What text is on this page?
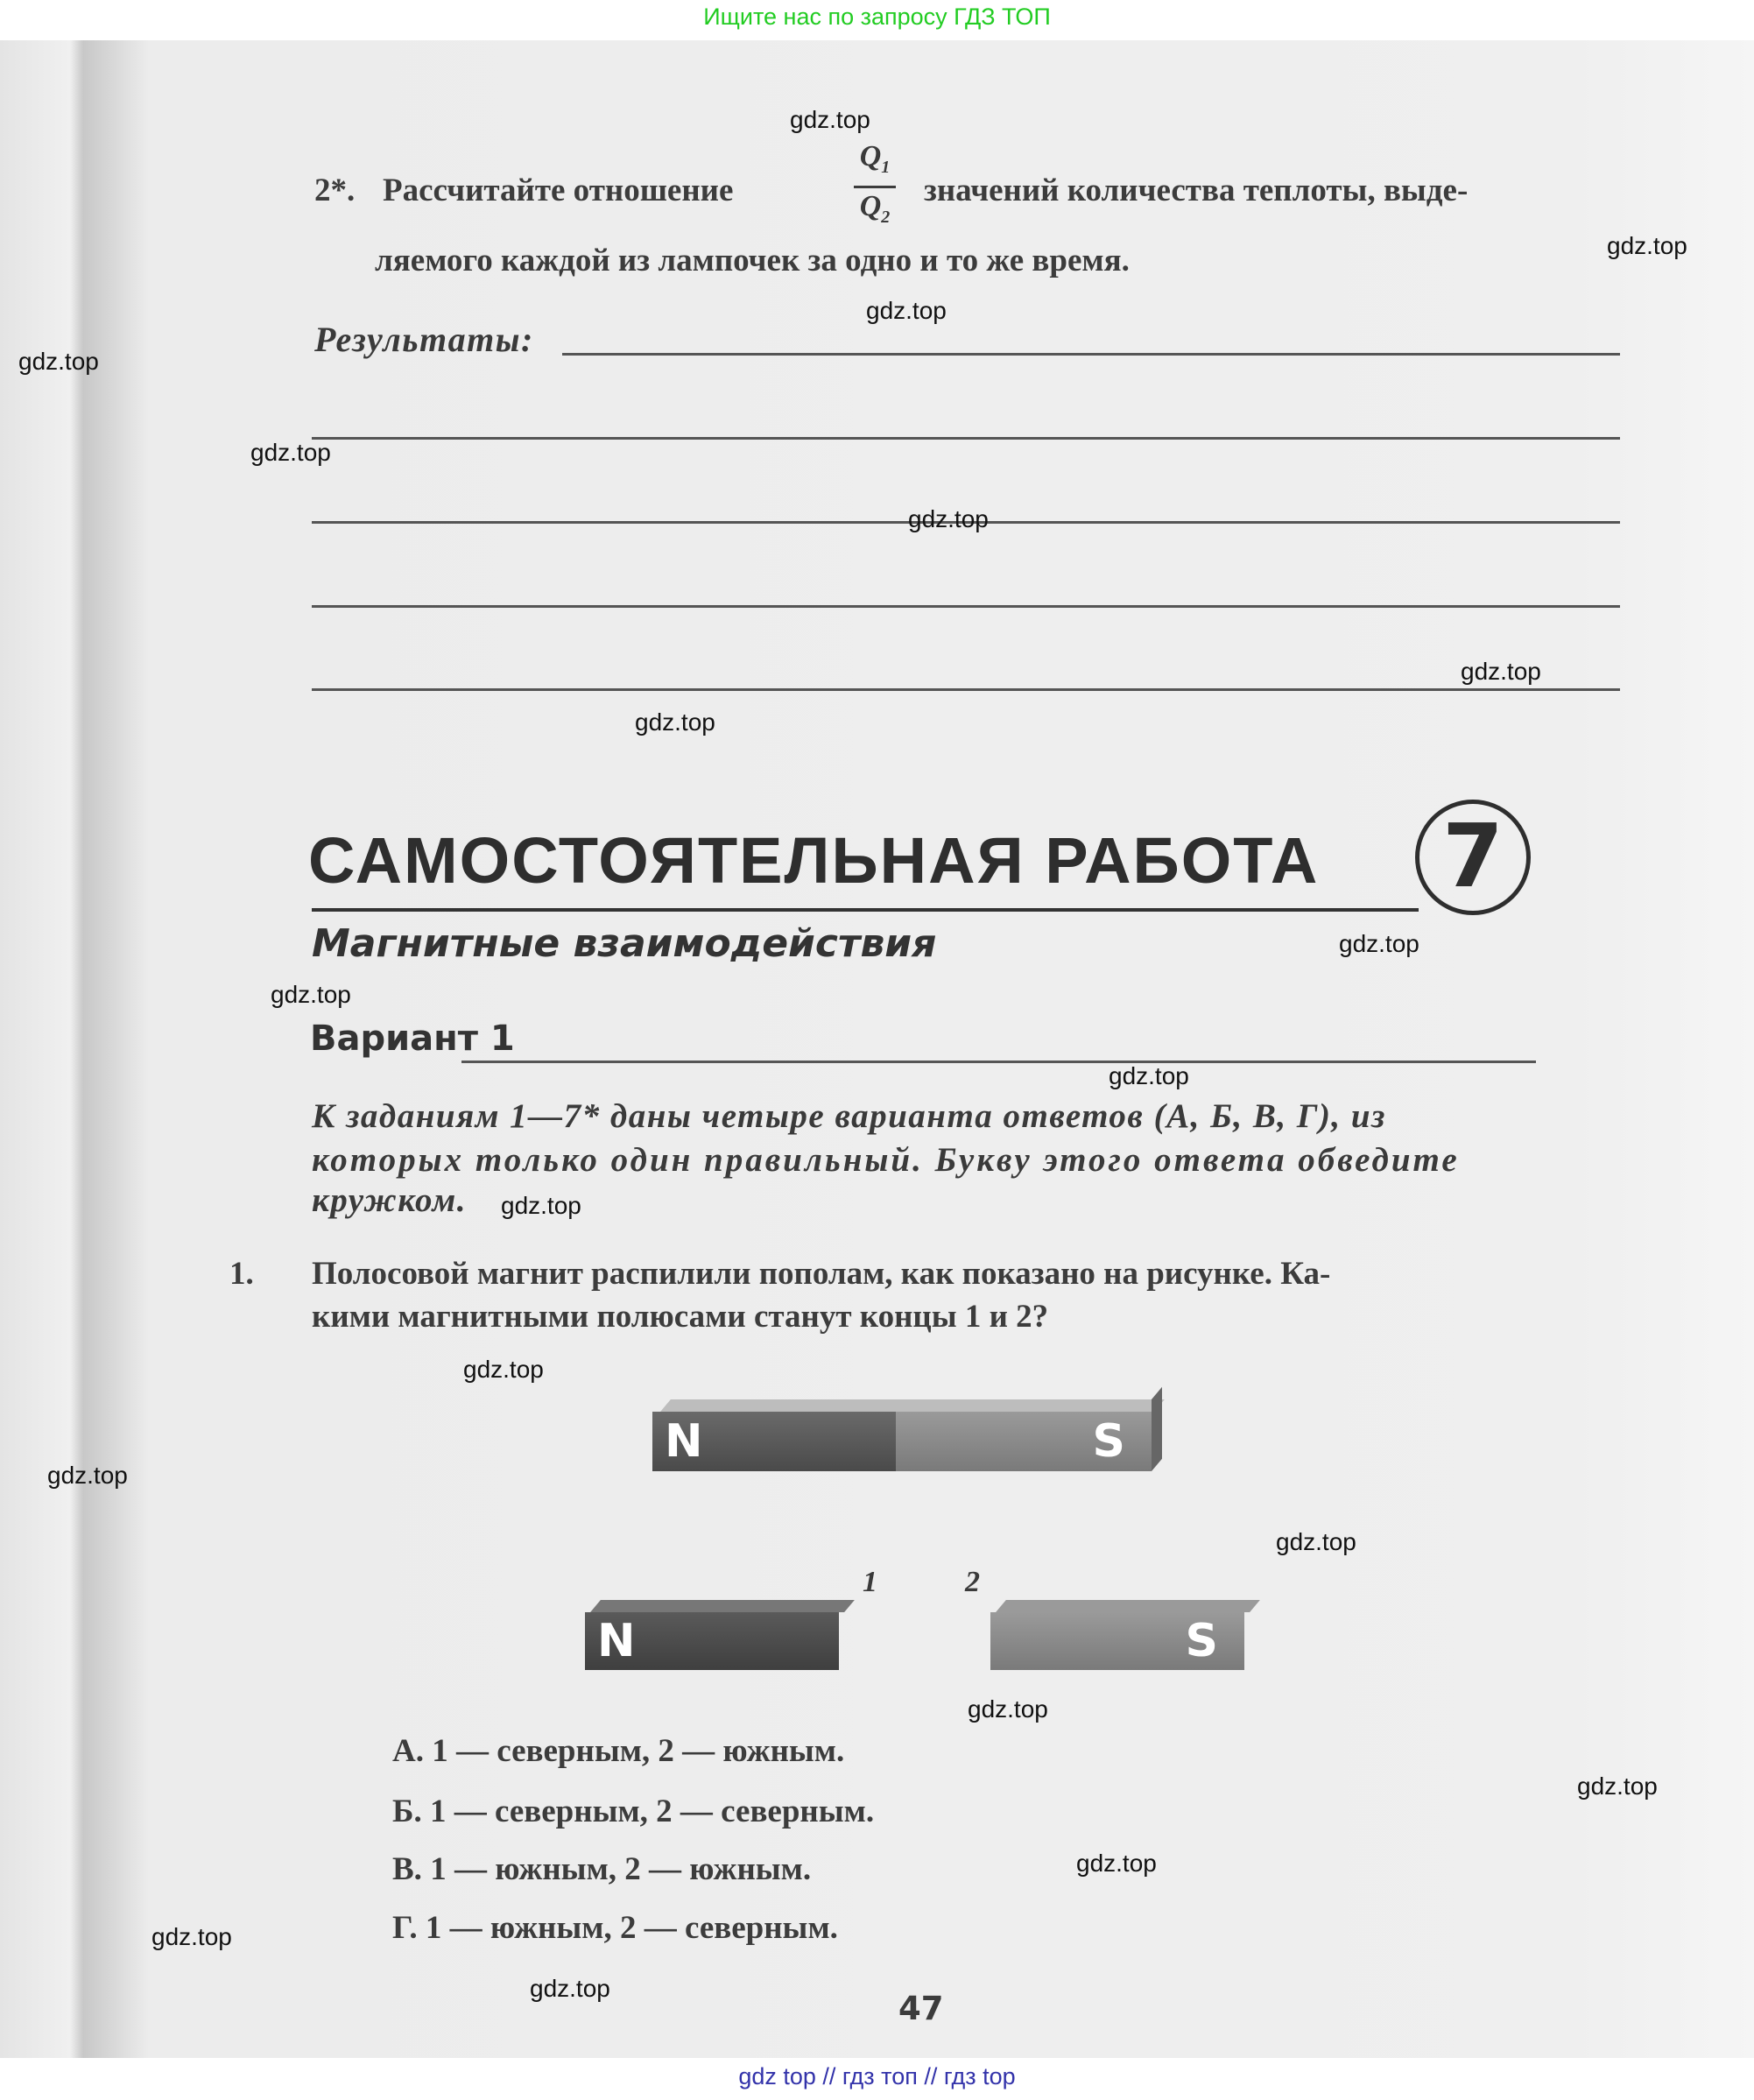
Ищите нас по запросу ГДЗ ТОП
2*. Рассчитайте отношение
$Q_1$
$Q_2$
значений количества теплоты, выде-
ляемого каждой из лампочек за одно и то же время.
Результаты:
САМОСТОЯТЕЛЬНАЯ РАБОТА	7
Магнитные взаимодействия
Вариант 1
К заданиям 1—7* даны четыре варианта ответов (А, Б, В, Г), из
которых только один правильный. Букву этого ответа обведите
кружком.
1. Полосовой магнит распилили пополам, как показано на рисунке. Ка-
кими магнитными полюсами станут концы 1 и 2?
N	S
1	2
N	S
А. 1 — северным, 2 — южным.
Б. 1 — северным, 2 — северным.
В. 1 — южным, 2 — южным.
Г. 1 — южным, 2 — северным.
47
gdz.top
gdz.top
gdz.top
gdz.top
gdz.top
gdz.top
gdz.top
gdz.top
gdz.top
gdz.top
gdz.top
gdz.top
gdz.top
gdz.top
gdz.top
gdz.top
gdz.top
gdz.top
gdz.top
gdz.top
gdz top // гдз топ // гдз top
